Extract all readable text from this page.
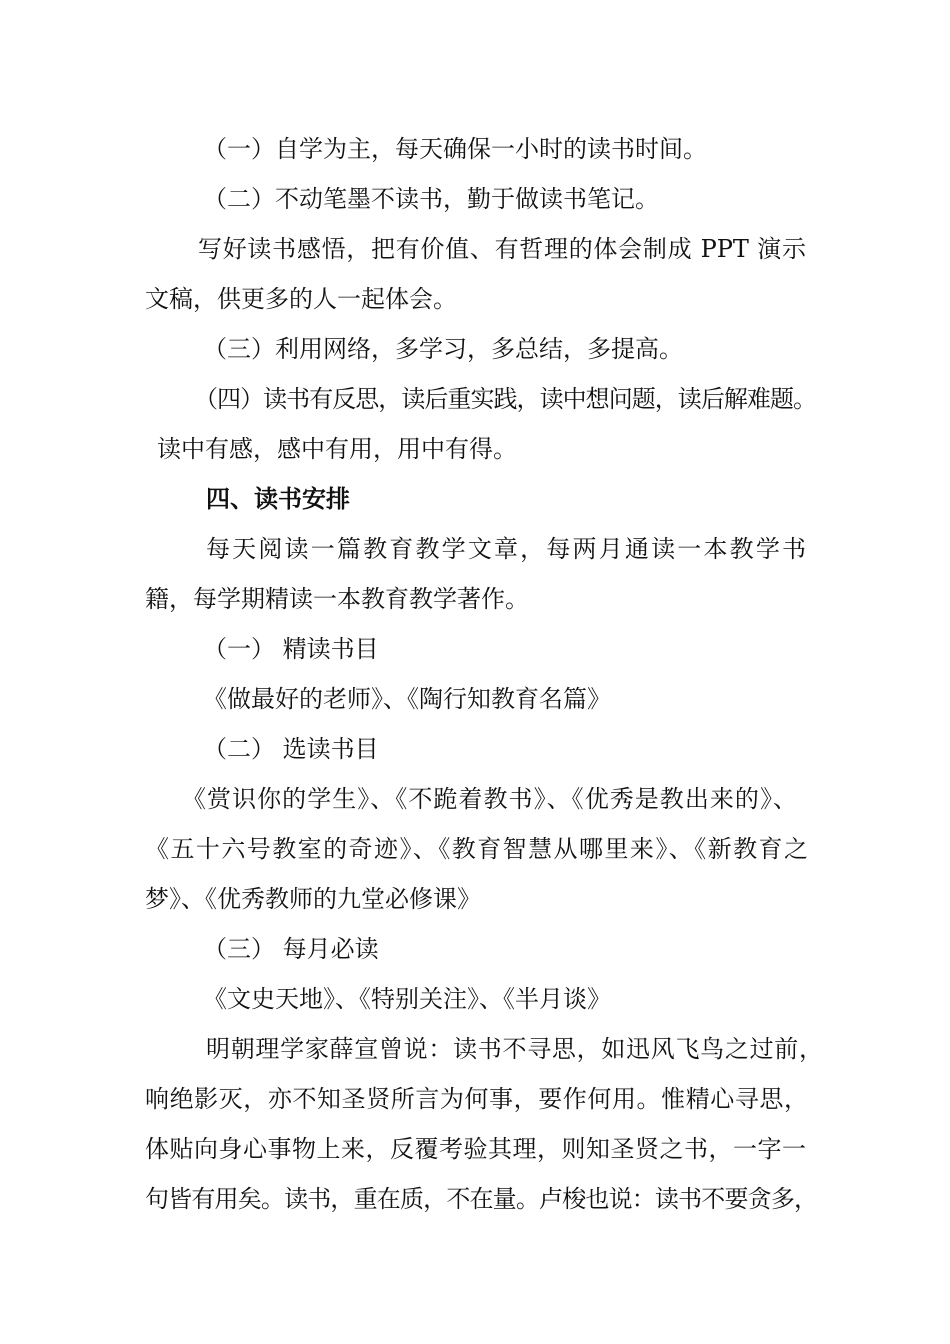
（一）自学为主，每天确保一小时的读书时间。
（二）不动笔墨不读书，勤于做读书笔记。
写好读书感悟，把有价值、有哲理的体会制成 PPT 演示
文稿，供更多的人一起体会。
（三）利用网络，多学习，多总结，多提高。
（四）读书有反思，读后重实践，读中想问题，读后解难题。
读中有感，感中有用，用中有得。
四、读书安排
每天阅读一篇教育教学文章，每两月通读一本教学书
籍，每学期精读一本教育教学著作。
（一） 精读书目
《做最好的老师》、《陶行知教育名篇》
（二） 选读书目
《赏识你的学生》、《不跪着教书》、《优秀是教出来的》、
《五十六号教室的奇迹》、《教育智慧从哪里来》、《新教育之
梦》、《优秀教师的九堂必修课》
（三） 每月必读
《文史天地》、《特别关注》、《半月谈》
明朝理学家薛宣曾说：读书不寻思，如迅风飞鸟之过前，
响绝影灭，亦不知圣贤所言为何事，要作何用。惟精心寻思，
体贴向身心事物上来，反覆考验其理，则知圣贤之书，一字一
句皆有用矣。读书，重在质，不在量。卢梭也说：读书不要贪多，
